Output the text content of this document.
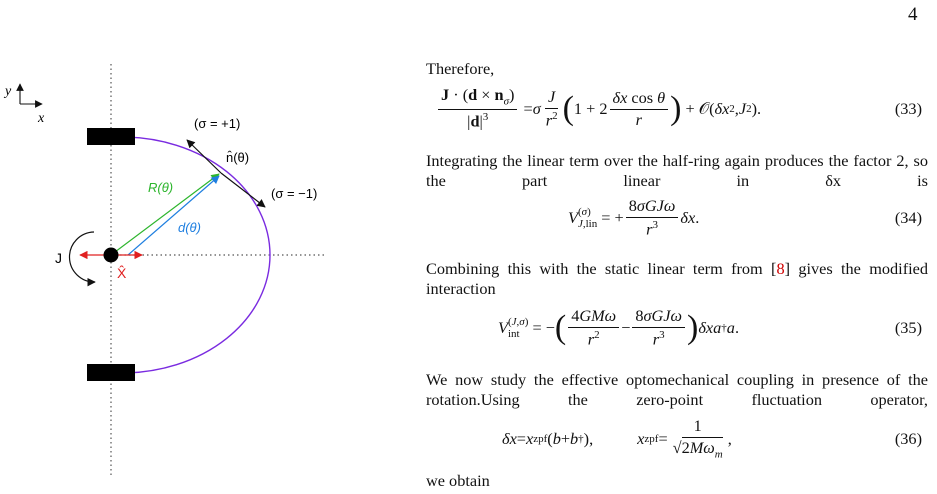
4
y
x	(σ = +1)
n̂(θ)
(σ = −1)
R(θ)
d(θ)
J
X̂
Therefore,
$\frac{J \cdot (d \times n_\sigma)}{|d|^3} = \sigma \frac{J}{r^2}$ ( $1 + 2 \frac{\text{δx cos θ}}{r}$ ) + 𝒪( δx 2 , J 2 ).	(33)
Integrating the linear term over the half-ring again produces the factor 2, so the part linear in δx is
V (σ)
J,lin = + $\frac{\text{8σGJω}}{r^3}$ δx .	(34)
Combining this with the static linear term from [8] gives the modified interaction
V (J,σ)
int = − ( $\frac{\text{4GMω}}{r^2} - \frac{\text{8σGJω}}{r^3}$ ) δx a † a .	(35)
We now study the effective optomechanical coupling in presence of the rotation.Using the zero-point fluctuation operator,
δx = x zpf ( b + b † ),	x zpf = $\frac{1}{√2M\omega_m}$ ,	(36)
we obtain
